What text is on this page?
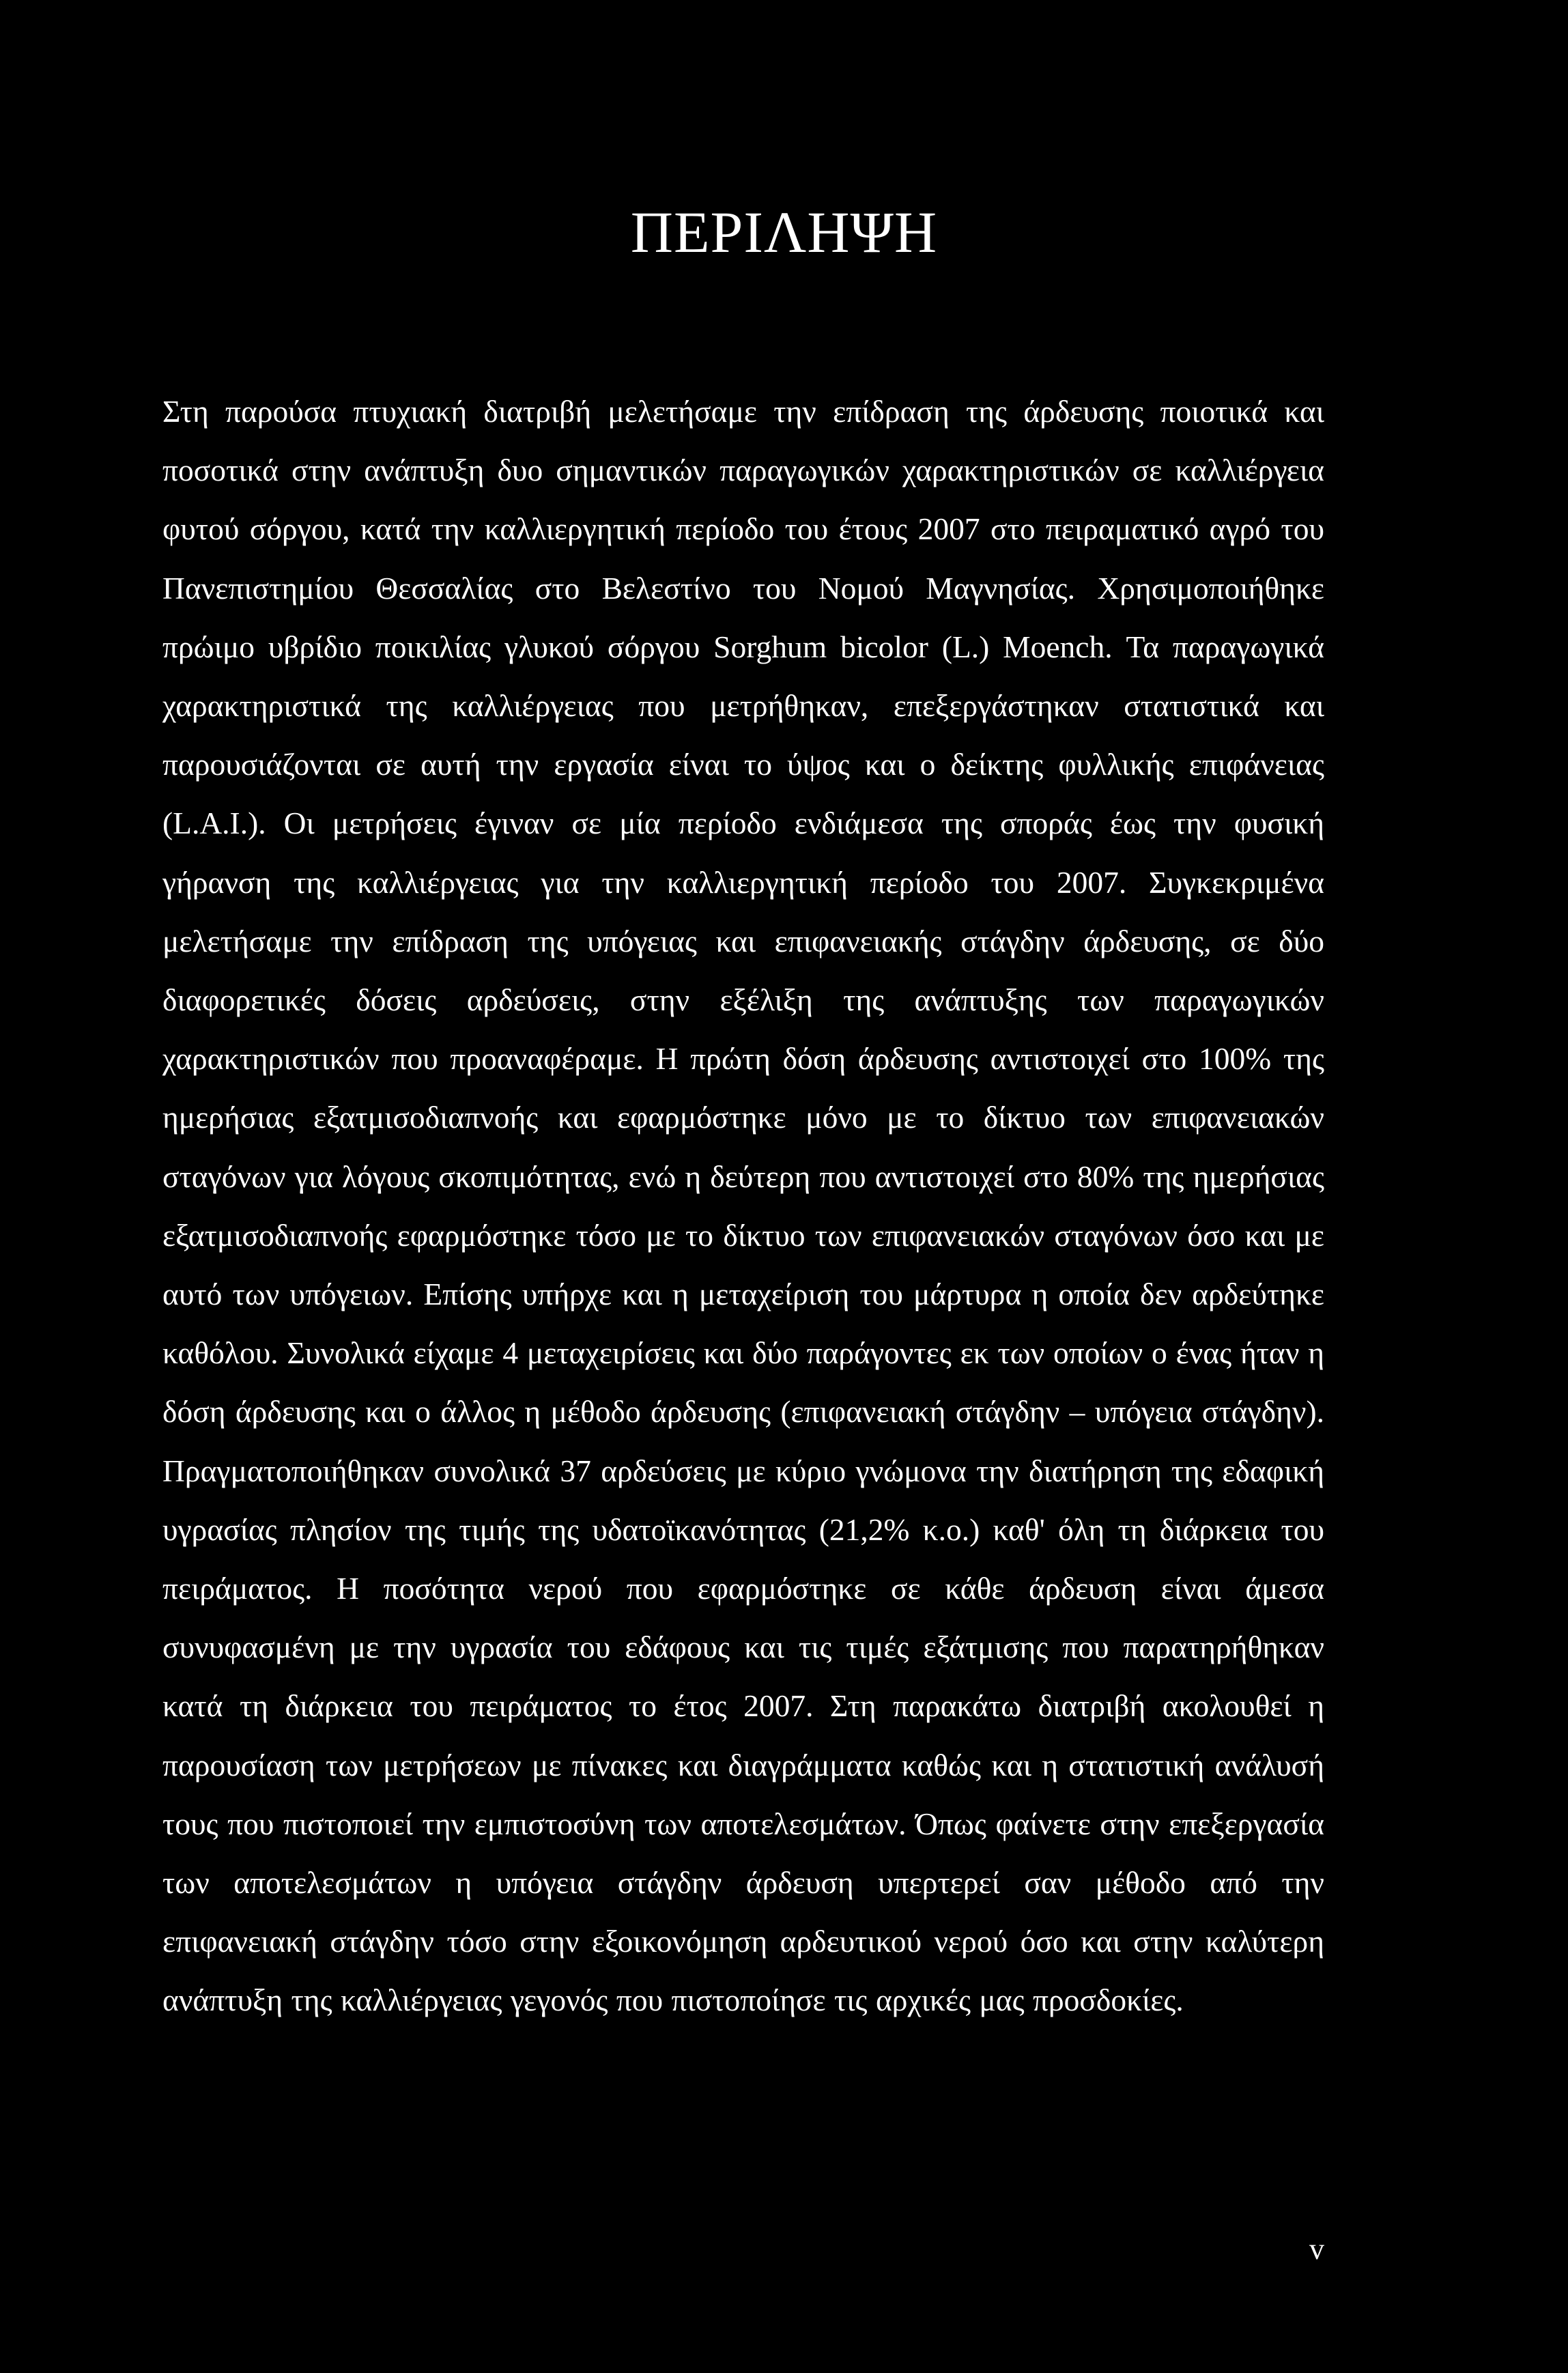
ΠΕΡΙΛΗΨΗ

Στη παρούσα πτυχιακή διατριβή μελετήσαμε την επίδραση της άρδευσης ποιοτικά και ποσοτικά στην ανάπτυξη δυο σημαντικών παραγωγικών χαρακτηριστικών σε καλλιέργεια φυτού σόργου, κατά την καλλιεργητική περίοδο του έτους 2007 στο πειραματικό αγρό του Πανεπιστημίου Θεσσαλίας στο Βελεστίνο του Νομού Μαγνησίας. Χρησιμοποιήθηκε πρώιμο υβρίδιο ποικιλίας γλυκού σόργου Sorghum bicolor (L.) Moench. Τα παραγωγικά χαρακτηριστικά της καλλιέργειας που μετρήθηκαν, επεξεργάστηκαν στατιστικά και παρουσιάζονται σε αυτή την εργασία είναι το ύψος και ο δείκτης φυλλικής επιφάνειας (L.A.I.). Οι μετρήσεις έγιναν σε μία περίοδο ενδιάμεσα της σποράς έως την φυσική γήρανση της καλλιέργειας για την καλλιεργητική περίοδο του 2007. Συγκεκριμένα μελετήσαμε την επίδραση της υπόγειας και επιφανειακής στάγδην άρδευσης, σε δύο διαφορετικές δόσεις αρδεύσεις, στην εξέλιξη της ανάπτυξης των παραγωγικών χαρακτηριστικών που προαναφέραμε. Η πρώτη δόση άρδευσης αντιστοιχεί στο 100% της ημερήσιας εξατμισοδιαπνοής και εφαρμόστηκε μόνο με το δίκτυο των επιφανειακών σταγόνων για λόγους σκοπιμότητας, ενώ η δεύτερη που αντιστοιχεί στο 80% της ημερήσιας εξατμισοδιαπνοής εφαρμόστηκε τόσο με το δίκτυο των επιφανειακών σταγόνων όσο και με αυτό των υπόγειων. Επίσης υπήρχε και η μεταχείριση του μάρτυρα η οποία δεν αρδεύτηκε καθόλου. Συνολικά είχαμε 4 μεταχειρίσεις και δύο παράγοντες εκ των οποίων ο ένας ήταν η δόση άρδευσης και ο άλλος η μέθοδο άρδευσης (επιφανειακή στάγδην – υπόγεια στάγδην). Πραγματοποιήθηκαν συνολικά 37 αρδεύσεις με κύριο γνώμονα την διατήρηση της εδαφική υγρασίας πλησίον της τιμής της υδατοϊκανότητας (21,2% κ.ο.) καθ' όλη τη διάρκεια του πειράματος. Η ποσότητα νερού που εφαρμόστηκε σε κάθε άρδευση είναι άμεσα συνυφασμένη με την υγρασία του εδάφους και τις τιμές εξάτμισης που παρατηρήθηκαν κατά τη διάρκεια του πειράματος το έτος 2007. Στη παρακάτω διατριβή ακολουθεί η παρουσίαση των μετρήσεων με πίνακες και διαγράμματα καθώς και η στατιστική ανάλυσή τους που πιστοποιεί την εμπιστοσύνη των αποτελεσμάτων. Όπως φαίνετε στην επεξεργασία των αποτελεσμάτων η υπόγεια στάγδην άρδευση υπερτερεί σαν μέθοδο από την επιφανειακή στάγδην τόσο στην εξοικονόμηση αρδευτικού νερού όσο και στην καλύτερη ανάπτυξη της καλλιέργειας γεγονός που πιστοποίησε τις αρχικές μας προσδοκίες.

v
